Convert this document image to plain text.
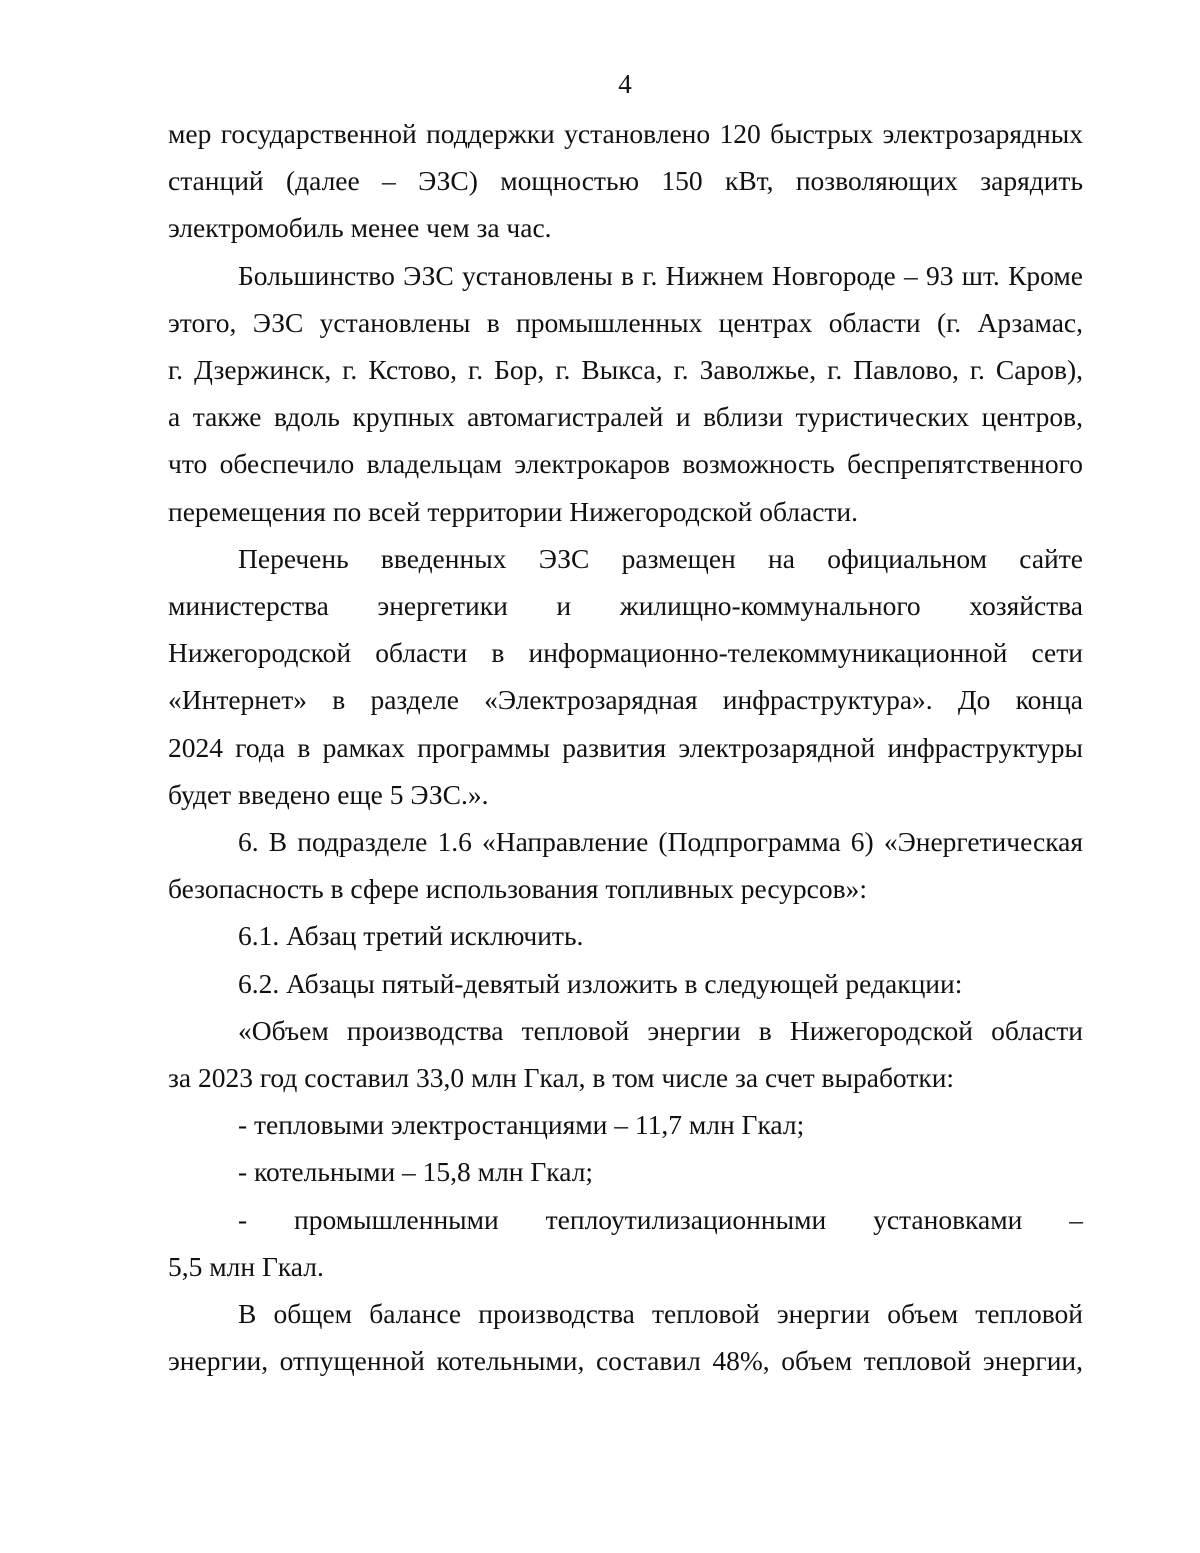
4

мер государственной поддержки установлено 120 быстрых электрозарядных
станций (далее – ЭЗС) мощностью 150 кВт, позволяющих зарядить
электромобиль менее чем за час.

Большинство ЭЗС установлены в г. Нижнем Новгороде – 93 шт. Кроме
этого, ЭЗС установлены в промышленных центрах области (г. Арзамас,
г. Дзержинск, г. Кстово, г. Бор, г. Выкса, г. Заволжье, г. Павлово, г. Саров),
а также вдоль крупных автомагистралей и вблизи туристических центров,
что обеспечило владельцам электрокаров возможность беспрепятственного
перемещения по всей территории Нижегородской области.

Перечень введенных ЭЗС размещен на официальном сайте
министерства энергетики и жилищно-коммунального хозяйства
Нижегородской области в информационно-телекоммуникационной сети
«Интернет» в разделе «Электрозарядная инфраструктура». До конца
2024 года в рамках программы развития электрозарядной инфраструктуры
будет введено еще 5 ЭЗС.».

6. В подразделе 1.6 «Направление (Подпрограмма 6) «Энергетическая
безопасность в сфере использования топливных ресурсов»:

6.1. Абзац третий исключить.

6.2. Абзацы пятый-девятый изложить в следующей редакции:

«Объем производства тепловой энергии в Нижегородской области
за 2023 год составил 33,0 млн Гкал, в том числе за счет выработки:

- тепловыми электростанциями – 11,7 млн Гкал;

- котельными – 15,8 млн Гкал;

- промышленными теплоутилизационными установками –
5,5 млн Гкал.

В общем балансе производства тепловой энергии объем тепловой
энергии, отпущенной котельными, составил 48%, объем тепловой энергии,
